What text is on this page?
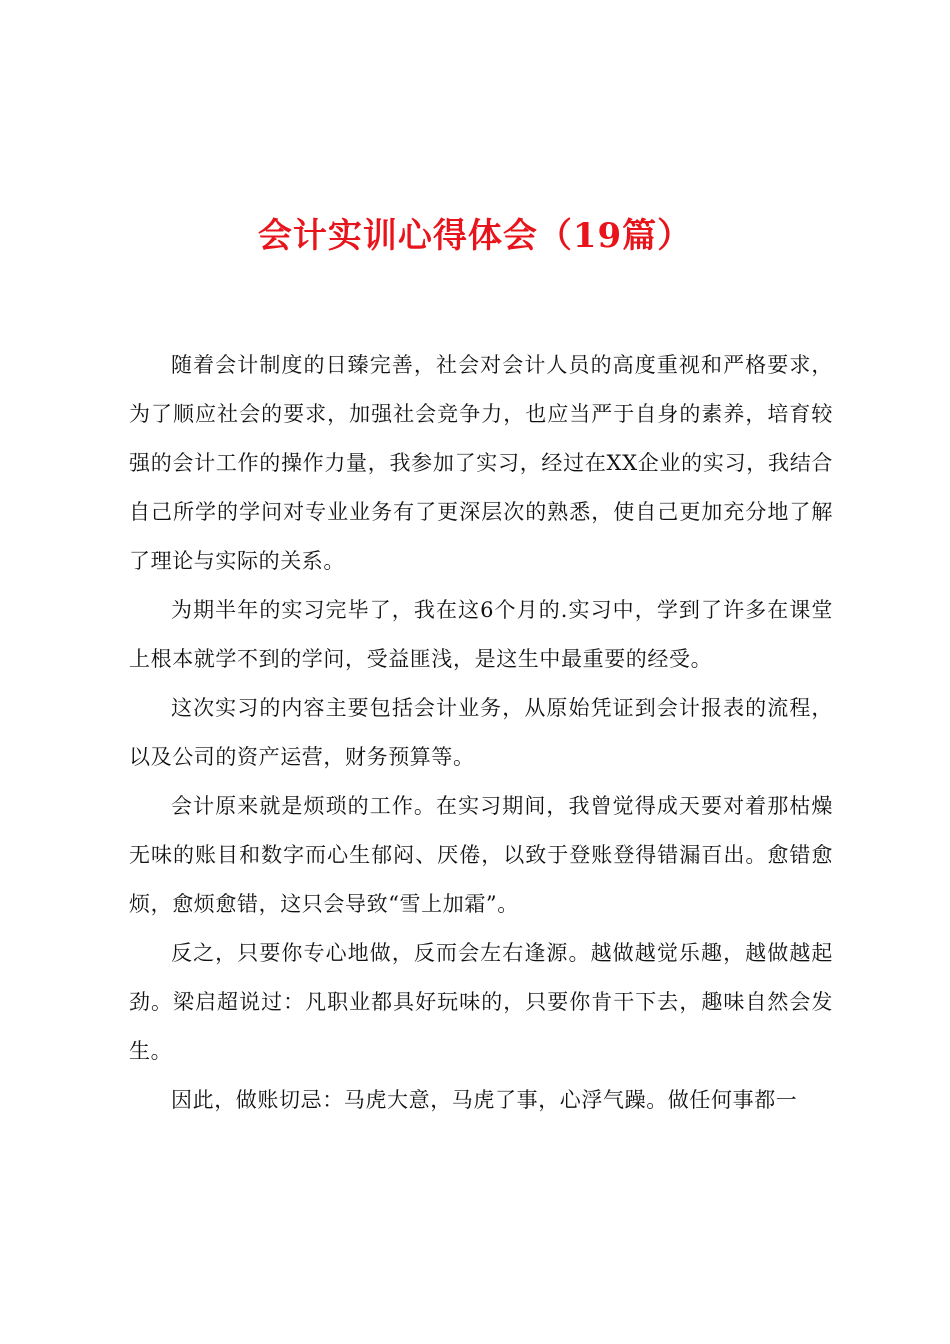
会计实训心得体会（19篇）

随着会计制度的日臻完善，社会对会计人员的高度重视和严格要求，为了顺应社会的要求，加强社会竞争力，也应当严于自身的素养，培育较强的会计工作的操作力量，我参加了实习，经过在XX企业的实习，我结合自己所学的学问对专业业务有了更深层次的熟悉，使自己更加充分地了解了理论与实际的关系。

为期半年的实习完毕了，我在这6个月的.实习中，学到了许多在课堂上根本就学不到的学问，受益匪浅，是这生中最重要的经受。

这次实习的内容主要包括会计业务，从原始凭证到会计报表的流程，以及公司的资产运营，财务预算等。

会计原来就是烦琐的工作。在实习期间，我曾觉得成天要对着那枯燥无味的账目和数字而心生郁闷、厌倦，以致于登账登得错漏百出。愈错愈烦，愈烦愈错，这只会导致“雪上加霜”。

反之，只要你专心地做，反而会左右逢源。越做越觉乐趣，越做越起劲。梁启超说过：凡职业都具好玩味的，只要你肯干下去，趣味自然会发生。

因此，做账切忌：马虎大意，马虎了事，心浮气躁。做任何事都一
